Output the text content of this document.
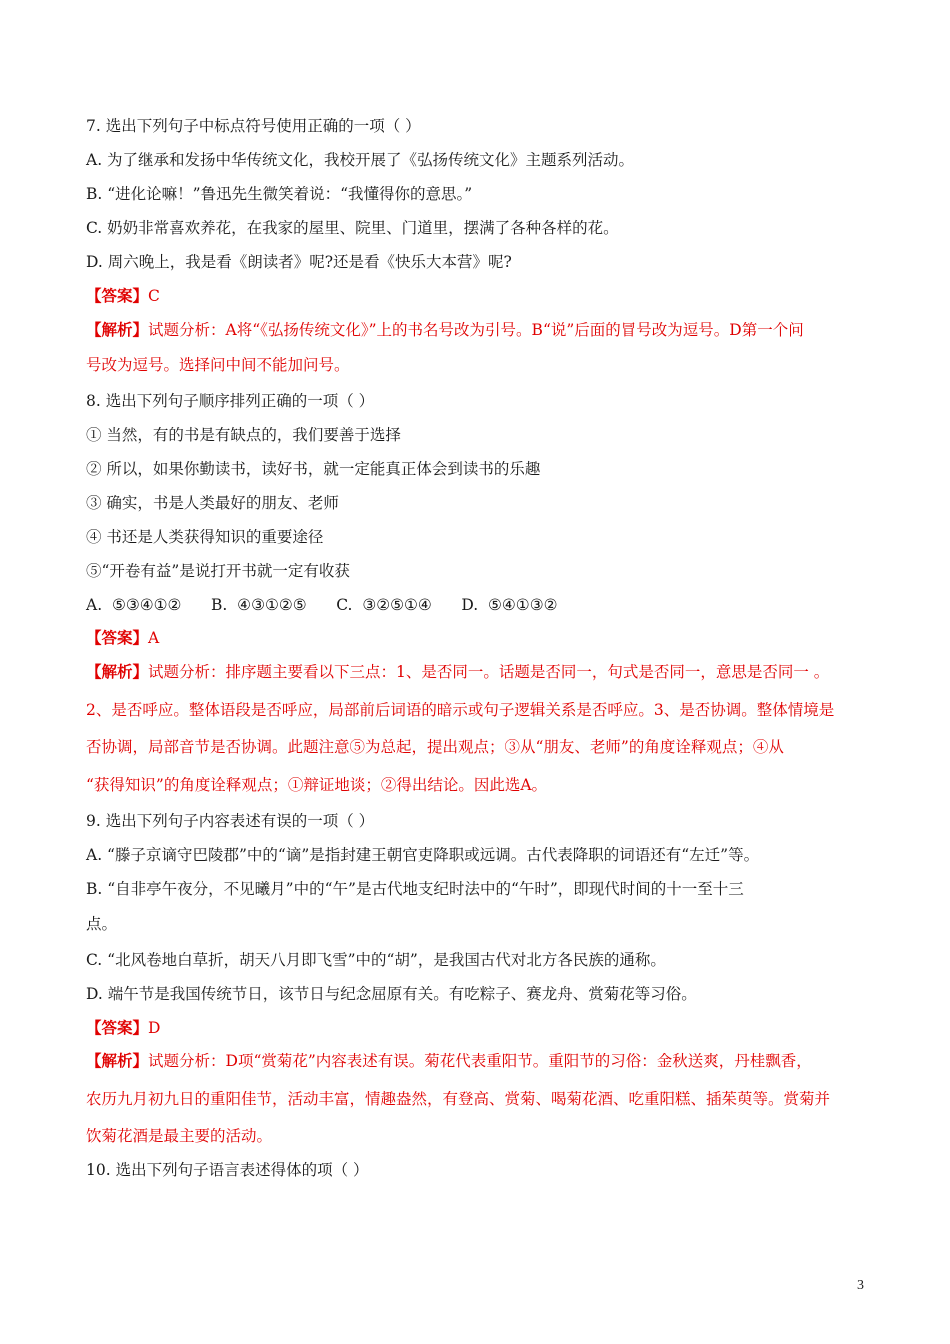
7. 选出下列句子中标点符号使用正确的一项（ ）
A. 为了继承和发扬中华传统文化，我校开展了《弘扬传统文化》主题系列活动。
B. “进化论嘛！”鲁迅先生微笑着说：“我懂得你的意思。”
C. 奶奶非常喜欢养花，在我家的屋里、院里、门道里，摆满了各种各样的花。
D. 周六晚上，我是看《朗读者》呢?还是看《快乐大本营》呢?
【答案】C
【解析】试题分析：A将“《弘扬传统文化》”上的书名号改为引号。B“说”后面的冒号改为逗号。D第一个问
号改为逗号。选择问中间不能加问号。
8. 选出下列句子顺序排列正确的一项（ ）
① 当然，有的书是有缺点的，我们要善于选择
② 所以，如果你勤读书，读好书，就一定能真正体会到读书的乐趣
③ 确实，书是人类最好的朋友、老师
④ 书还是人类获得知识的重要途径
⑤“开卷有益”是说打开书就一定有收获
A.  ⑤③④①②      B.  ④③①②⑤      C.  ③②⑤①④      D.  ⑤④①③②
【答案】A
【解析】试题分析：排序题主要看以下三点：1、是否同一。话题是否同一，句式是否同一，意思是否同一 。
2、是否呼应。整体语段是否呼应，局部前后词语的暗示或句子逻辑关系是否呼应。3、是否协调。整体情境是
否协调，局部音节是否协调。此题注意⑤为总起，提出观点；③从“朋友、老师”的角度诠释观点；④从
“获得知识”的角度诠释观点；①辩证地谈；②得出结论。因此选A。
9. 选出下列句子内容表述有误的一项（ ）
A. “滕子京谪守巴陵郡”中的“谪”是指封建王朝官吏降职或远调。古代表降职的词语还有“左迁”等。
B. “自非亭午夜分，不见曦月”中的“午”是古代地支纪时法中的“午时”，即现代时间的十一至十三
点。
C. “北风卷地白草折，胡天八月即飞雪”中的“胡”，是我国古代对北方各民族的通称。
D. 端午节是我国传统节日，该节日与纪念屈原有关。有吃粽子、赛龙舟、赏菊花等习俗。
【答案】D
【解析】试题分析：D项“赏菊花”内容表述有误。菊花代表重阳节。重阳节的习俗：金秋送爽，丹桂飘香，
农历九月初九日的重阳佳节，活动丰富，情趣盎然，有登高、赏菊、喝菊花酒、吃重阳糕、插茱萸等。赏菊并
饮菊花酒是最主要的活动。
10. 选出下列句子语言表述得体的项（ ）
3
